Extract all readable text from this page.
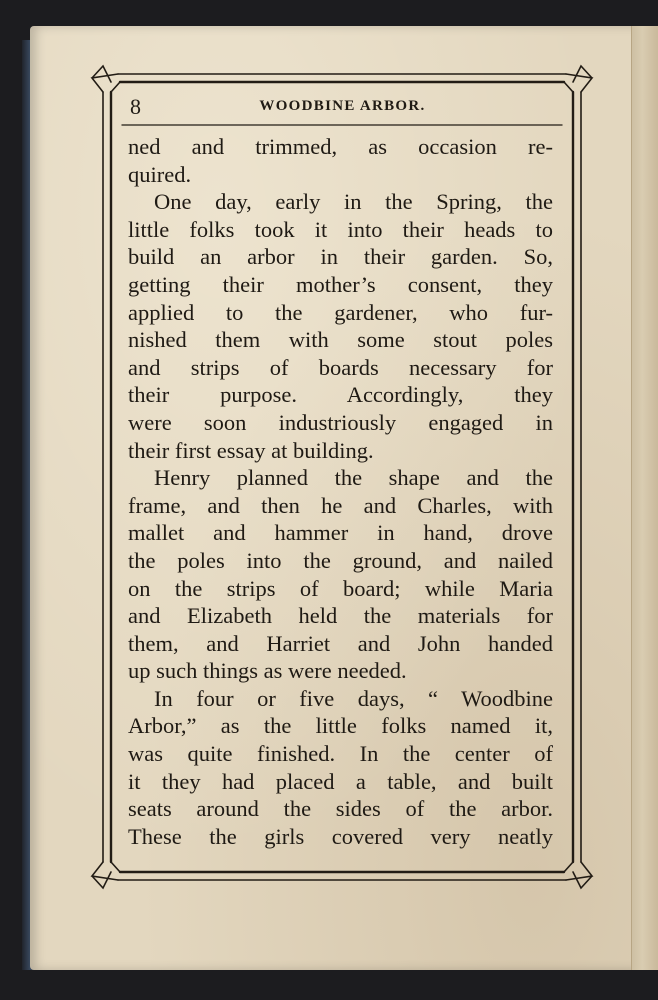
8	WOODBINE ARBOR.
ned and trimmed, as occasion re-
quired.
One day, early in the Spring, the
little folks took it into their heads to
build an arbor in their garden. So,
getting their mother’s consent, they
applied to the gardener, who fur-
nished them with some stout poles
and strips of boards necessary for
their purpose. Accordingly, they
were soon industriously engaged in
their first essay at building.
Henry planned the shape and the
frame, and then he and Charles, with
mallet and hammer in hand, drove
the poles into the ground, and nailed
on the strips of board; while Maria
and Elizabeth held the materials for
them, and Harriet and John handed
up such things as were needed.
In four or five days, “ Woodbine
Arbor,” as the little folks named it,
was quite finished. In the center of
it they had placed a table, and built
seats around the sides of the arbor.
These the girls covered very neatly
